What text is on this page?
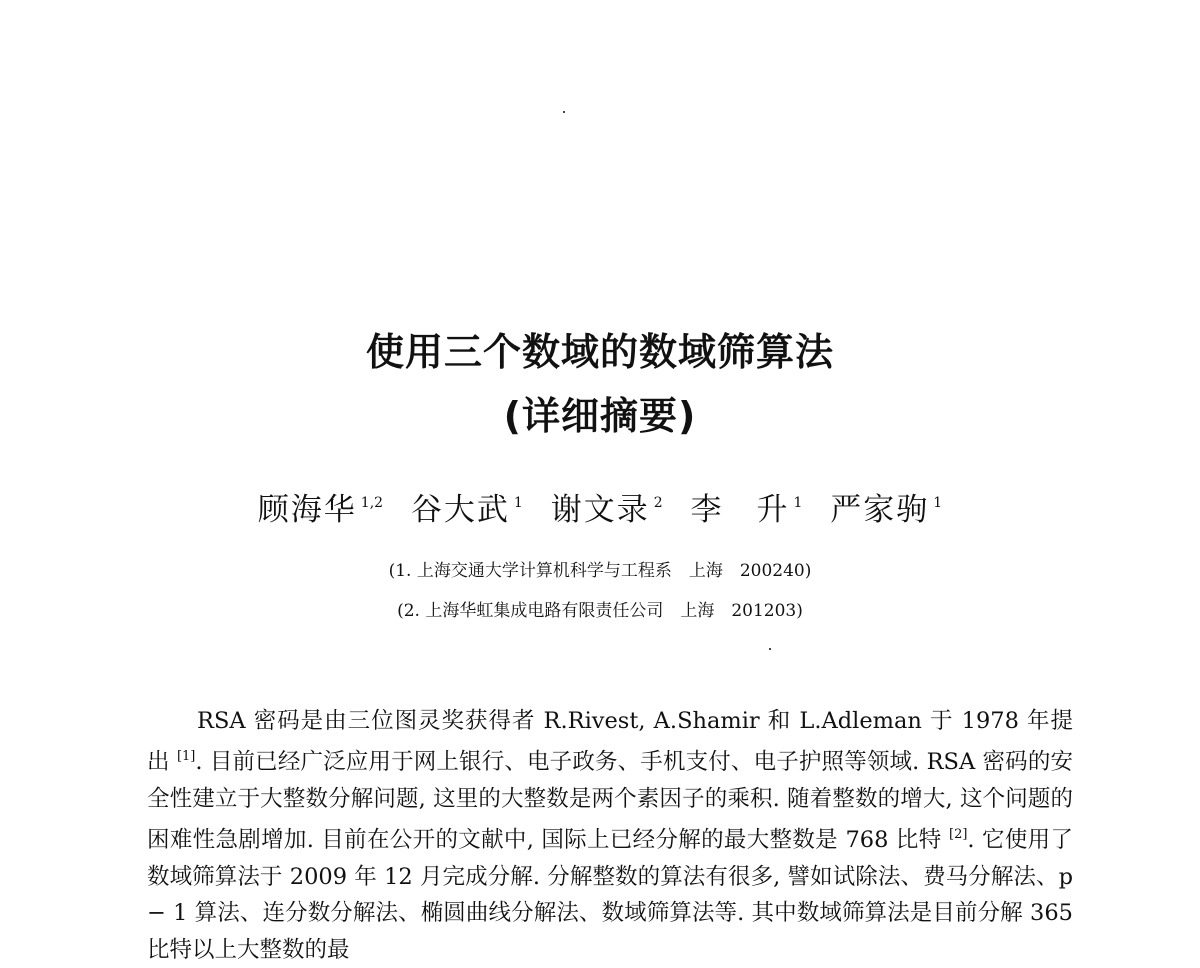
使用三个数域的数域筛算法
(详细摘要)
顾海华 $^{1,2}$ 谷大武 $^1$ 谢文录 $^2$ 李　升 $^1$ 严家驹 $^1$
(1. 上海交通大学计算机科学与工程系　上海　200240)
(2. 上海华虹集成电路有限责任公司　上海　201203)

RSA 密码是由三位图灵奖获得者 R.Rivest, A.Shamir 和 L.Adleman 于 1978 年提出 [1]. 目前已经广泛应用于网上银行、电子政务、手机支付、电子护照等领域. RSA 密码的安全性建立于大整数分解问题, 这里的大整数是两个素因子的乘积. 随着整数的增大, 这个问题的困难性急剧增加. 目前在公开的文献中, 国际上已经分解的最大整数是 768 比特 [2]. 它使用了数域筛算法于 2009 年 12 月完成分解. 分解整数的算法有很多, 譬如试除法、费马分解法、p − 1 算法、连分数分解法、椭圆曲线分解法、数域筛算法等. 其中数域筛算法是目前分解 365 比特以上大整数的最
